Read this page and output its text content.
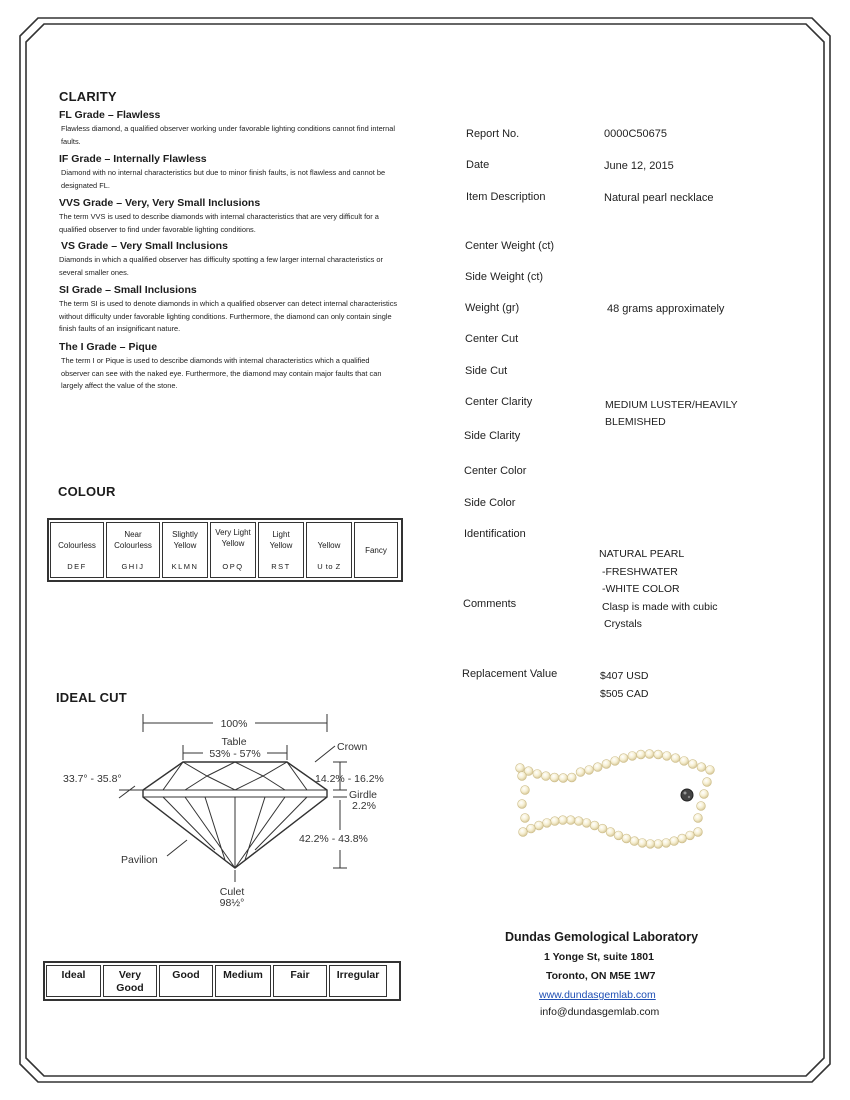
CLARITY
FL Grade – Flawless
Flawless diamond, a qualified observer working under favorable lighting conditions cannot find internal faults.
IF Grade – Internally Flawless
Diamond with no internal characteristics but due to minor finish faults, is not flawless and cannot be designated FL.
VVS Grade – Very, Very Small Inclusions
The term VVS is used to describe diamonds with internal characteristics that are very difficult for a qualified observer to find under favorable lighting conditions.
VS Grade – Very Small Inclusions
Diamonds in which a qualified observer has difficulty spotting a few larger internal characteristics or several smaller ones.
SI Grade – Small Inclusions
The term SI is used to denote diamonds in which a qualified observer can detect internal characteristics without difficulty under favorable lighting conditions. Furthermore, the diamond can only contain single finish faults of an insignificant nature.
The I Grade – Pique
The term I or Pique is used to describe diamonds with internal characteristics which a qualified observer can see with the naked eye. Furthermore, the diamond may contain major faults that can largely affect the value of the stone.
COLOUR
Colourless
DEF
Near Colourless
GHIJ
Slightly Yellow
KLMN
Very Light Yellow
OPQ
Light Yellow
RST
Yellow
U to Z
Fancy
IDEAL CUT
100%
Table
53% - 57%
Crown
33.7° - 35.8°	14.2% - 16.2%
Girdle
2.2%
42.2% - 43.8%
Pavilion
Culet
98½°
Ideal	Very Good
Good Medium	Fair	Irregular
Report No.	0000C50675
Date	June 12, 2015
Item Description	Natural pearl necklace
Center Weight (ct)
Side Weight (ct)
Weight (gr)	48 grams approximately
Center Cut
Side Cut
Center Clarity	MEDIUM LUSTER/HEAVILY BLEMISHED
Side Clarity
Center Color
Side Color
Identification
Comments
NATURAL PEARL
-FRESHWATER
-WHITE COLOR
Clasp is made with cubic
Crystals
Replacement Value	$407 USD
$505 CAD
Dundas Gemological Laboratory
1 Yonge St, suite 1801
Toronto, ON M5E 1W7
www.dundasgemlab.com
info@dundasgemlab.com
